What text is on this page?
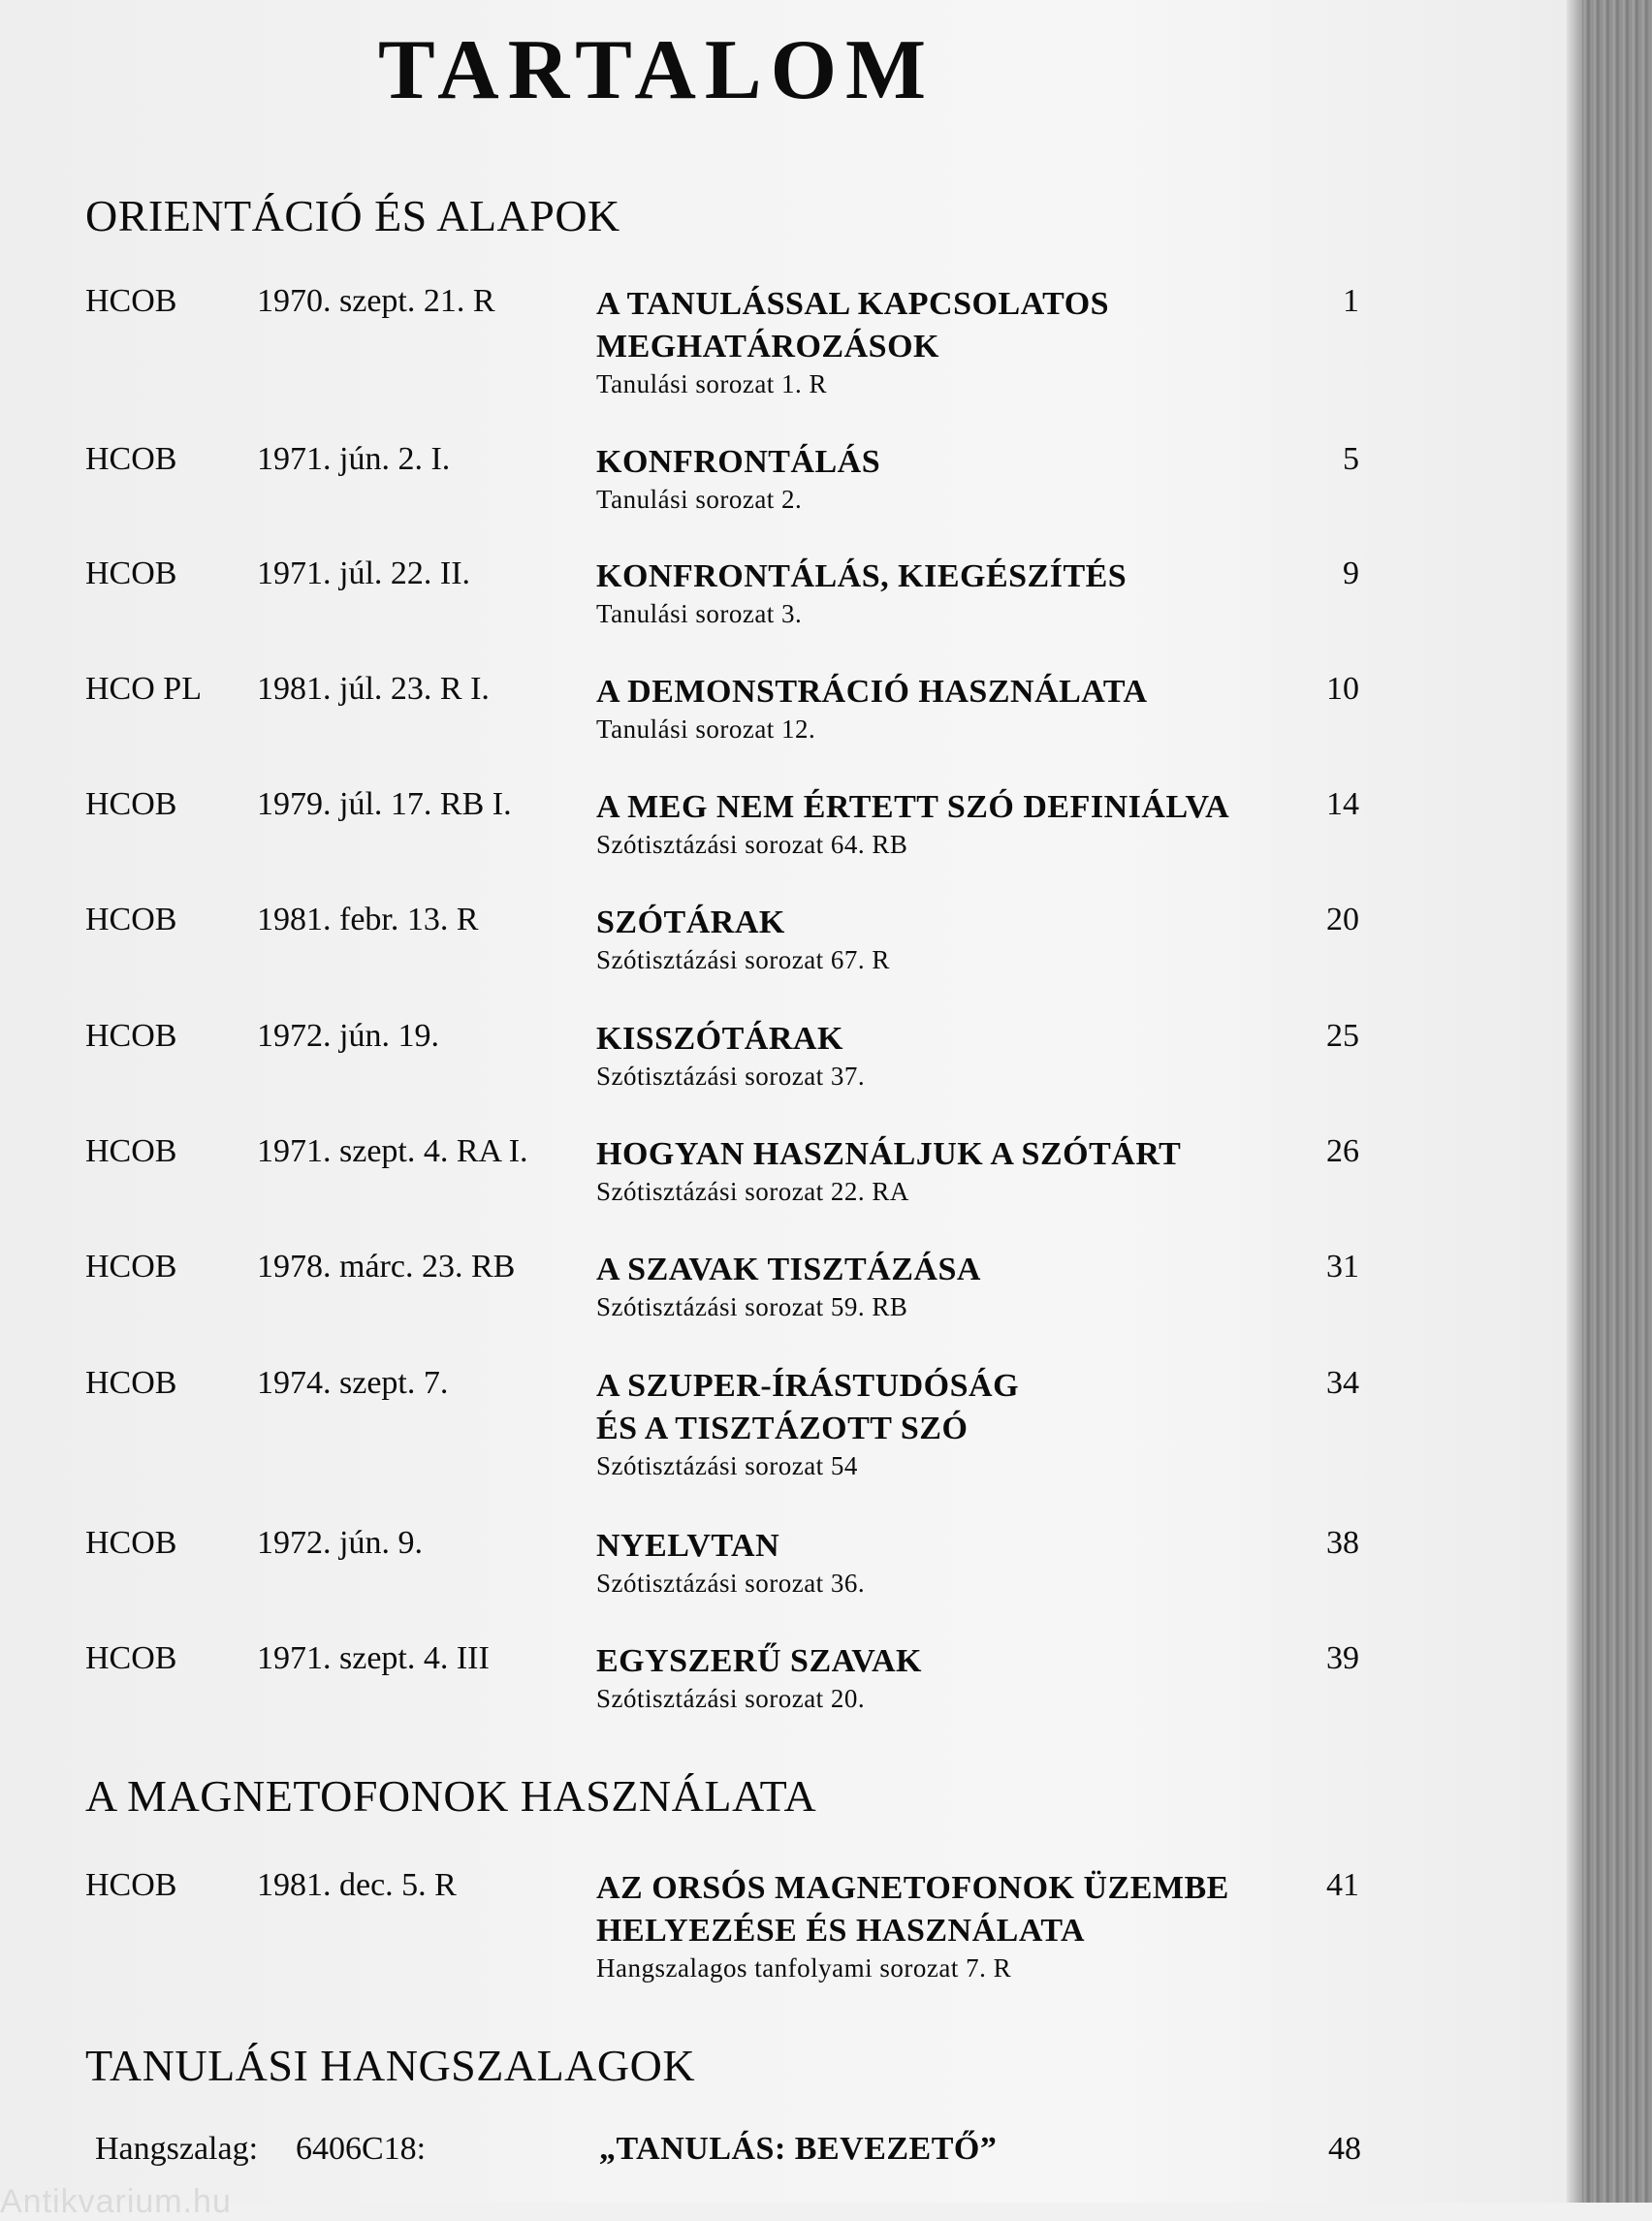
TARTALOM
ORIENTÁCIÓ ÉS ALAPOK
HCOB 1970. szept. 21. R	A TANULÁSSAL KAPCSOLATOS
MEGHATÁROZÁSOK
Tanulási sorozat 1. R
1
HCOB 1971. jún. 2. I.	KONFRONTÁLÁS
Tanulási sorozat 2.
5
HCOB 1971. júl. 22. II.	KONFRONTÁLÁS, KIEGÉSZÍTÉS
Tanulási sorozat 3.
9
HCO PL 1981. júl. 23. R I.	A DEMONSTRÁCIÓ HASZNÁLATA
Tanulási sorozat 12.
10
HCOB 1979. júl. 17. RB I.	A MEG NEM ÉRTETT SZÓ DEFINIÁLVA
Szótisztázási sorozat 64. RB
14
HCOB 1981. febr. 13. R	SZÓTÁRAK
Szótisztázási sorozat 67. R
20
HCOB 1972. jún. 19.	KISSZÓTÁRAK
Szótisztázási sorozat 37.
25
HCOB 1971. szept. 4. RA I. HOGYAN HASZNÁLJUK A SZÓTÁRT
Szótisztázási sorozat 22. RA
26
HCOB 1978. márc. 23. RB A SZAVAK TISZTÁZÁSA
Szótisztázási sorozat 59. RB
31
HCOB 1974. szept. 7.	A SZUPER-ÍRÁSTUDÓSÁG
ÉS A TISZTÁZOTT SZÓ
Szótisztázási sorozat 54
34
HCOB 1972. jún. 9.	NYELVTAN
Szótisztázási sorozat 36.
38
HCOB 1971. szept. 4. III	EGYSZERŰ SZAVAK
Szótisztázási sorozat 20.
39
A MAGNETOFONOK HASZNÁLATA
HCOB 1981. dec. 5. R	AZ ORSÓS MAGNETOFONOK ÜZEMBE
HELYEZÉSE ÉS HASZNÁLATA
Hangszalagos tanfolyami sorozat 7. R
41
TANULÁSI HANGSZALAGOK
Hangszalag: 6406C18:	„TANULÁS: BEVEZETŐ”	48
Antikvarium.hu
